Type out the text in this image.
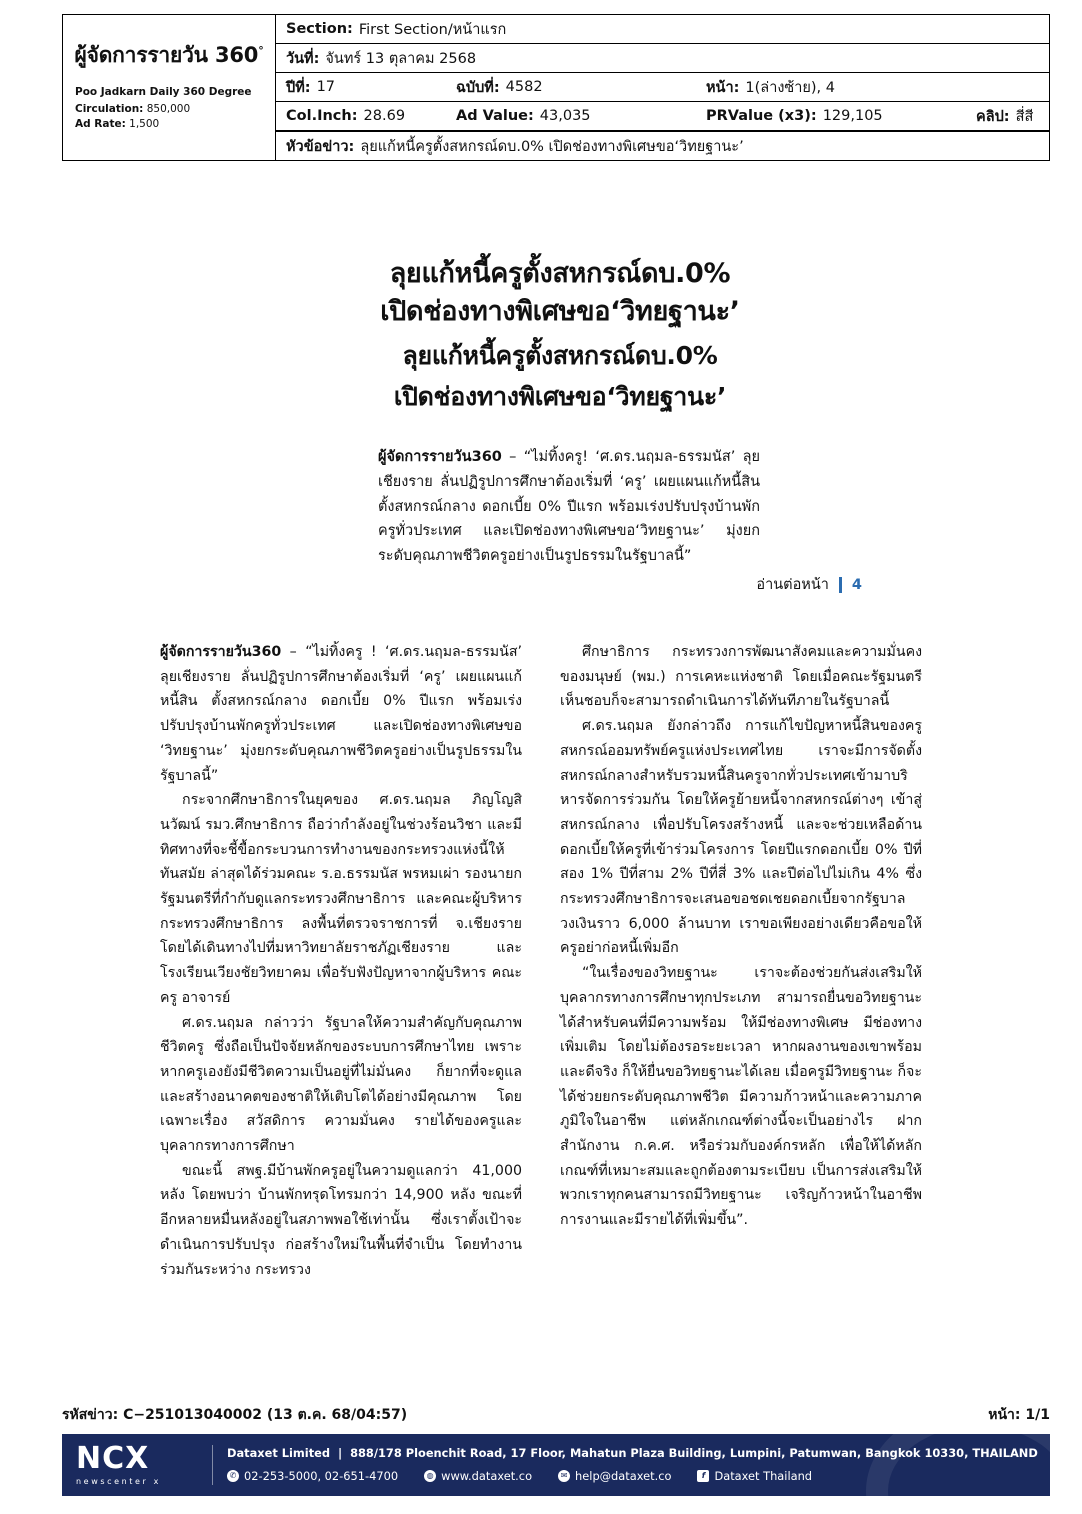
ผู้จัดการรายวัน 360°
Poo Jadkarn Daily 360 Degree
Circulation: 850,000
Ad Rate: 1,500

Section: First Section/หน้าแรก
วันที่: จันทร์ 13 ตุลาคม 2568
ปีที่: 17	ฉบับที่: 4582	หน้า: 1(ล่างซ้าย), 4
Col.Inch: 28.69	Ad Value: 43,035	PRValue (x3): 129,105	คลิป: สี่สี
หัวข้อข่าว: ลุยแก้หนี้ครูตั้งสหกรณ์ดบ.0% เปิดช่องทางพิเศษขอ‘วิทยฐานะ’
ลุยแก้หนี้ครูตั้งสหกรณ์ดบ.0%
เปิดช่องทางพิเศษขอ‘วิทยฐานะ’
ลุยแก้หนี้ครูตั้งสหกรณ์ดบ.0%
เปิดช่องทางพิเศษขอ‘วิทยฐานะ’
ผู้จัดการรายวัน360 – “ไม่ทิ้งครู! ‘ศ.ดร.นฤมล-ธรรมนัส’ ลุยเชียงราย ลั่นปฏิรูปการศึกษาต้องเริ่มที่ ‘ครู’ เผยแผนแก้หนี้สิน ตั้งสหกรณ์กลาง ดอกเบี้ย 0% ปีแรก พร้อมเร่งปรับปรุงบ้านพักครูทั่วประเทศ และเปิดช่องทางพิเศษขอ‘วิทยฐานะ’ มุ่งยกระดับคุณภาพชีวิตครูอย่างเป็นรูปธรรมในรัฐบาลนี้”
อ่านต่อหน้า	4

ผู้จัดการรายวัน360 – “ไม่ทิ้งครู ! ‘ศ.ดร.นฤมล-ธรรมนัส’ ลุยเชียงราย ลั่นปฏิรูปการศึกษาต้องเริ่มที่ ‘ครู’ เผยแผนแก้หนี้สิน ตั้งสหกรณ์กลาง ดอกเบี้ย 0% ปีแรก พร้อมเร่งปรับปรุงบ้านพักครูทั่วประเทศ และเปิดช่องทางพิเศษขอ ‘วิทยฐานะ’ มุ่งยกระดับคุณภาพชีวิตครูอย่างเป็นรูปธรรมในรัฐบาลนี้”

กระจากศึกษาธิการในยุคของ ศ.ดร.นฤมล ภิญโญสินวัฒน์ รมว.ศึกษาธิการ ถือว่ากำลังอยู่ในช่วงร้อนวิชา และมีทิศทางที่จะชี้ขื้อกระบวนการทำงานของกระทรวงแห่งนี้ให้ทันสมัย ล่าสุดได้ร่วมคณะ ร.อ.ธรรมนัส พรหมเผ่า รองนายกรัฐมนตรีที่กำกับดูแลกระทรวงศึกษาธิการ และคณะผู้บริหารกระทรวงศึกษาธิการ ลงพื้นที่ตรวจราชการที่ จ.เชียงราย โดยได้เดินทางไปที่มหาวิทยาลัยราชภัฏเชียงราย และโรงเรียนเวียงชัยวิทยาคม เพื่อรับฟังปัญหาจากผู้บริหาร คณะครู อาจารย์

ศ.ดร.นฤมล กล่าวว่า รัฐบาลให้ความสำคัญกับคุณภาพชีวิตครู ซึ่งถือเป็นปัจจัยหลักของระบบการศึกษาไทย เพราะหากครูเองยังมีชีวิตความเป็นอยู่ที่ไม่มั่นคง ก็ยากที่จะดูแลและสร้างอนาคตของชาติให้เติบโตได้อย่างมีคุณภาพ โดยเฉพาะเรื่อง สวัสดิการ ความมั่นคง รายได้ของครูและบุคลากรทางการศึกษา

ขณะนี้ สพฐ.มีบ้านพักครูอยู่ในความดูแลกว่า 41,000 หลัง โดยพบว่า บ้านพักทรุดโทรมกว่า 14,900 หลัง ขณะที่อีกหลายหมื่นหลังอยู่ในสภาพพอใช้เท่านั้น ซึ่งเราตั้งเป้าจะดำเนินการปรับปรุง ก่อสร้างใหม่ในพื้นที่จำเป็น โดยทำงานร่วมกันระหว่าง กระทรวง

ศึกษาธิการ กระทรวงการพัฒนาสังคมและความมั่นคงของมนุษย์ (พม.) การเคหะแห่งชาติ โดยเมื่อคณะรัฐมนตรีเห็นชอบก็จะสามารถดำเนินการได้ทันทีภายในรัฐบาลนี้

ศ.ดร.นฤมล ยังกล่าวถึง การแก้ไขปัญหาหนี้สินของครู สหกรณ์ออมทรัพย์ครูแห่งประเทศไทย เราจะมีการจัดตั้งสหกรณ์กลางสำหรับรวมหนี้สินครูจากทั่วประเทศเข้ามาบริหารจัดการร่วมกัน โดยให้ครูย้ายหนี้จากสหกรณ์ต่างๆ เข้าสู่สหกรณ์กลาง เพื่อปรับโครงสร้างหนี้ และจะช่วยเหลือด้านดอกเบี้ยให้ครูที่เข้าร่วมโครงการ โดยปีแรกดอกเบี้ย 0% ปีที่สอง 1% ปีที่สาม 2% ปีที่สี่ 3% และปีต่อไปไม่เกิน 4% ซึ่งกระทรวงศึกษาธิการจะเสนอขอชดเชยดอกเบี้ยจากรัฐบาลวงเงินราว 6,000 ล้านบาท เราขอเพียงอย่างเดียวคือขอให้ครูอย่าก่อหนี้เพิ่มอีก

“ในเรื่องของวิทยฐานะ เราจะต้องช่วยกันส่งเสริมให้บุคลากรทางการศึกษาทุกประเภท สามารถยื่นขอวิทยฐานะได้สำหรับคนที่มีความพร้อม ให้มีช่องทางพิเศษ มีช่องทางเพิ่มเติม โดยไม่ต้องรอระยะเวลา หากผลงานของเขาพร้อมและดีจริง ก็ให้ยื่นขอวิทยฐานะได้เลย เมื่อครูมีวิทยฐานะ ก็จะได้ช่วยยกระดับคุณภาพชีวิต มีความก้าวหน้าและความภาคภูมิใจในอาชีพ แต่หลักเกณฑ์ต่างนี้จะเป็นอย่างไร ฝากสำนักงาน ก.ค.ศ. หรือร่วมกับองค์กรหลัก เพื่อให้ได้หลักเกณฑ์ที่เหมาะสมและถูกต้องตามระเบียบ เป็นการส่งเสริมให้พวกเราทุกคนสามารถมีวิทยฐานะ เจริญก้าวหน้าในอาชีพการงานและมีรายได้ที่เพิ่มขึ้น”.

รหัสข่าว: C−251013040002 (13 ต.ค. 68/04:57)	หน้า: 1/1
NCX
newscenter x
Dataxet Limited  |  888/178 Ploenchit Road, 17 Floor, Mahatun Plaza Building, Lumpini, Patumwan, Bangkok 10330, THAILAND
✆ 02-253-5000, 02-651-4700	◍ www.dataxet.co	✉ help@dataxet.co	f Dataxet Thailand
